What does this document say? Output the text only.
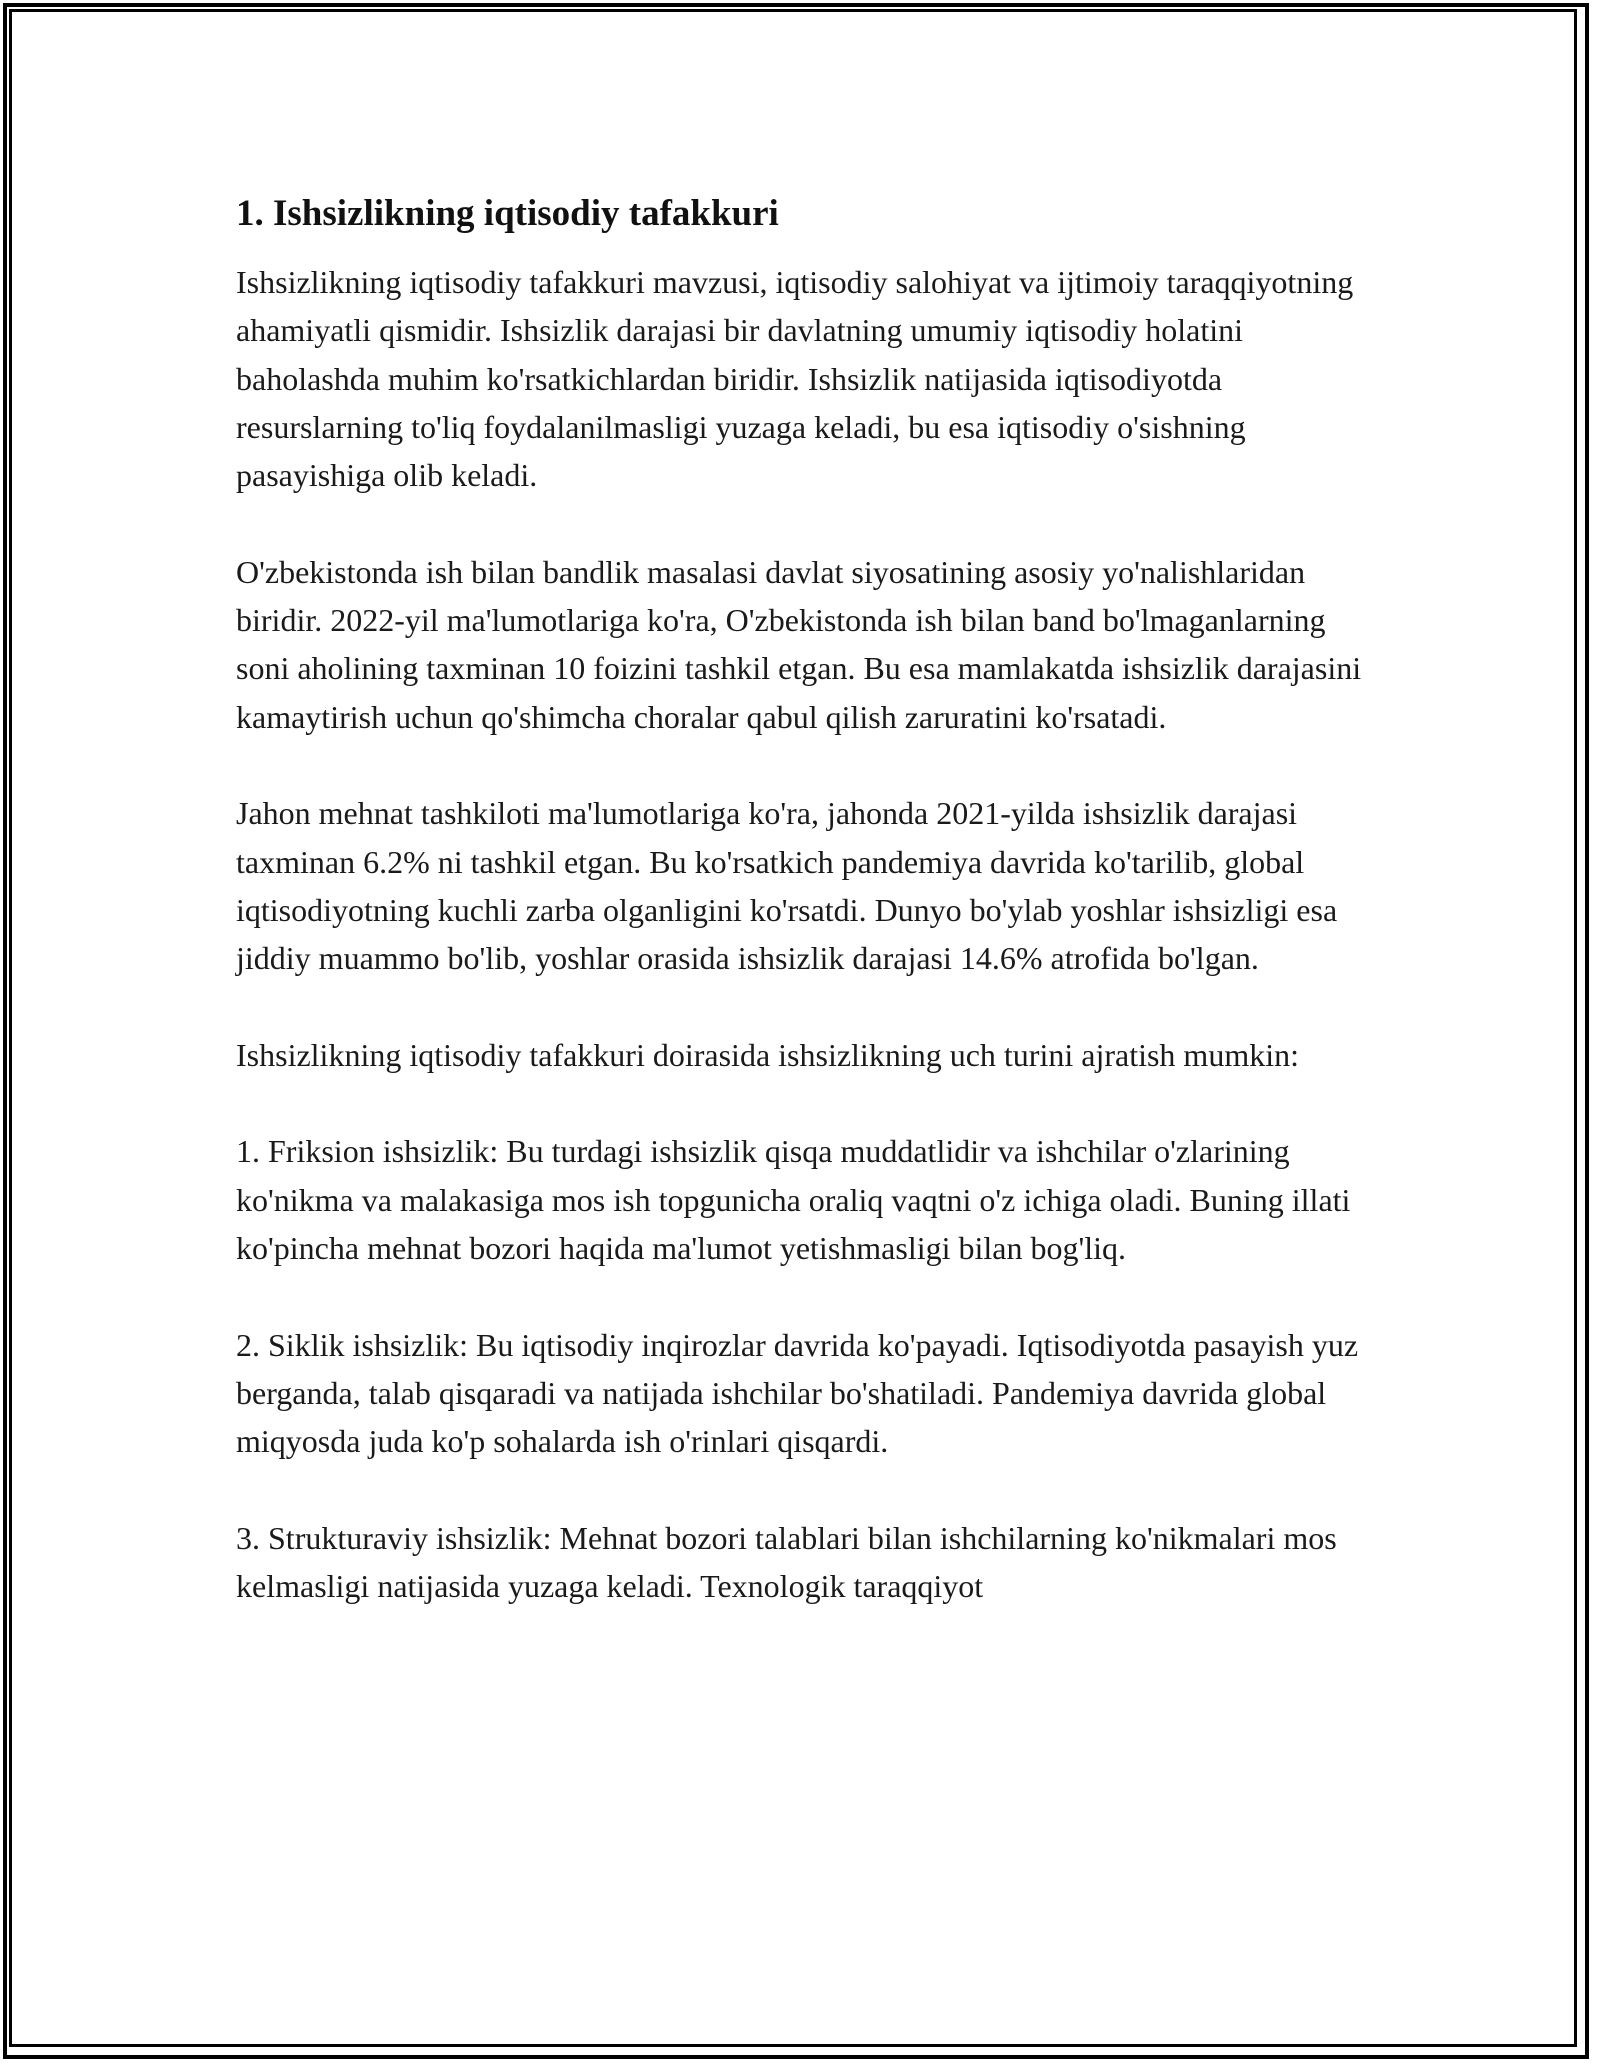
1. Ishsizlikning iqtisodiy tafakkuri

Ishsizlikning iqtisodiy tafakkuri mavzusi, iqtisodiy salohiyat va ijtimoiy taraqqiyotning ahamiyatli qismidir. Ishsizlik darajasi bir davlatning umumiy iqtisodiy holatini baholashda muhim ko'rsatkichlardan biridir. Ishsizlik natijasida iqtisodiyotda resurslarning to'liq foydalanilmasligi yuzaga keladi, bu esa iqtisodiy o'sishning pasayishiga olib keladi.

O'zbekistonda ish bilan bandlik masalasi davlat siyosatining asosiy yo'nalishlaridan biridir. 2022-yil ma'lumotlariga ko'ra, O'zbekistonda ish bilan band bo'lmaganlarning soni aholining taxminan 10 foizini tashkil etgan. Bu esa mamlakatda ishsizlik darajasini kamaytirish uchun qo'shimcha choralar qabul qilish zaruratini ko'rsatadi.

Jahon mehnat tashkiloti ma'lumotlariga ko'ra, jahonda 2021-yilda ishsizlik darajasi taxminan 6.2% ni tashkil etgan. Bu ko'rsatkich pandemiya davrida ko'tarilib, global iqtisodiyotning kuchli zarba olganligini ko'rsatdi. Dunyo bo'ylab yoshlar ishsizligi esa jiddiy muammo bo'lib, yoshlar orasida ishsizlik darajasi 14.6% atrofida bo'lgan.

Ishsizlikning iqtisodiy tafakkuri doirasida ishsizlikning uch turini ajratish mumkin:

1. Friksion ishsizlik: Bu turdagi ishsizlik qisqa muddatlidir va ishchilar o'zlarining ko'nikma va malakasiga mos ish topgunicha oraliq vaqtni o'z ichiga oladi. Buning illati ko'pincha mehnat bozori haqida ma'lumot yetishmasligi bilan bog'liq.

2. Siklik ishsizlik: Bu iqtisodiy inqirozlar davrida ko'payadi. Iqtisodiyotda pasayish yuz berganda, talab qisqaradi va natijada ishchilar bo'shatiladi. Pandemiya davrida global miqyosda juda ko'p sohalarda ish o'rinlari qisqardi.

3. Strukturaviy ishsizlik: Mehnat bozori talablari bilan ishchilarning ko'nikmalari mos kelmasligi natijasida yuzaga keladi. Texnologik taraqqiyot
